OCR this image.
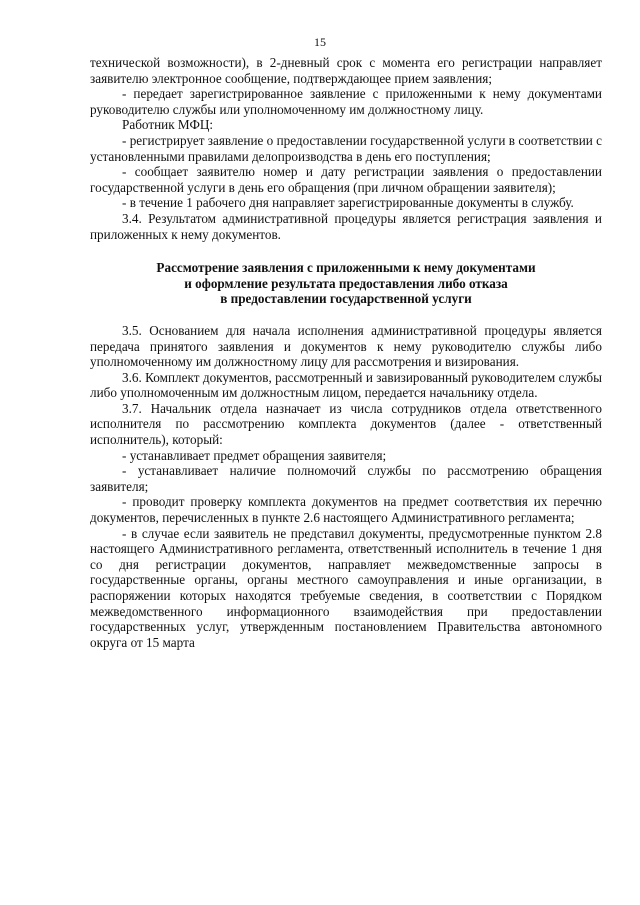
15

технической возможности), в 2-дневный срок с момента его регистрации направляет заявителю электронное сообщение, подтверждающее прием заявления;

- передает зарегистрированное заявление с приложенными к нему документами руководителю службы или уполномоченному им должностному лицу.

Работник МФЦ:

- регистрирует заявление о предоставлении государственной услуги в соответствии с установленными правилами делопроизводства в день его поступления;

- сообщает заявителю номер и дату регистрации заявления о предоставлении государственной услуги в день его обращения (при личном обращении заявителя);

- в течение 1 рабочего дня направляет зарегистрированные документы в службу.

3.4. Результатом административной процедуры является регистрация заявления и приложенных к нему документов.

Рассмотрение заявления с приложенными к нему документами

и оформление результата предоставления либо отказа

в предоставлении государственной услуги

3.5. Основанием для начала исполнения административной процедуры является передача принятого заявления и документов к нему руководителю службы либо уполномоченному им должностному лицу для рассмотрения и визирования.

3.6. Комплект документов, рассмотренный и завизированный руководителем службы либо уполномоченным им должностным лицом, передается начальнику отдела.

3.7. Начальник отдела назначает из числа сотрудников отдела ответственного исполнителя по рассмотрению комплекта документов (далее - ответственный исполнитель), который:

- устанавливает предмет обращения заявителя;

- устанавливает наличие полномочий службы по рассмотрению обращения заявителя;

- проводит проверку комплекта документов на предмет соответствия их перечню документов, перечисленных в пункте 2.6 настоящего Административного регламента;

- в случае если заявитель не представил документы, предусмотренные пунктом 2.8 настоящего Административного регламента, ответственный исполнитель в течение 1 дня со дня регистрации документов, направляет межведомственные запросы в государственные органы, органы местного самоуправления и иные организации, в распоряжении которых находятся требуемые сведения, в соответствии с Порядком межведомственного информационного взаимодействия при предоставлении государственных услуг, утвержденным постановлением Правительства автономного округа от 15 марта
